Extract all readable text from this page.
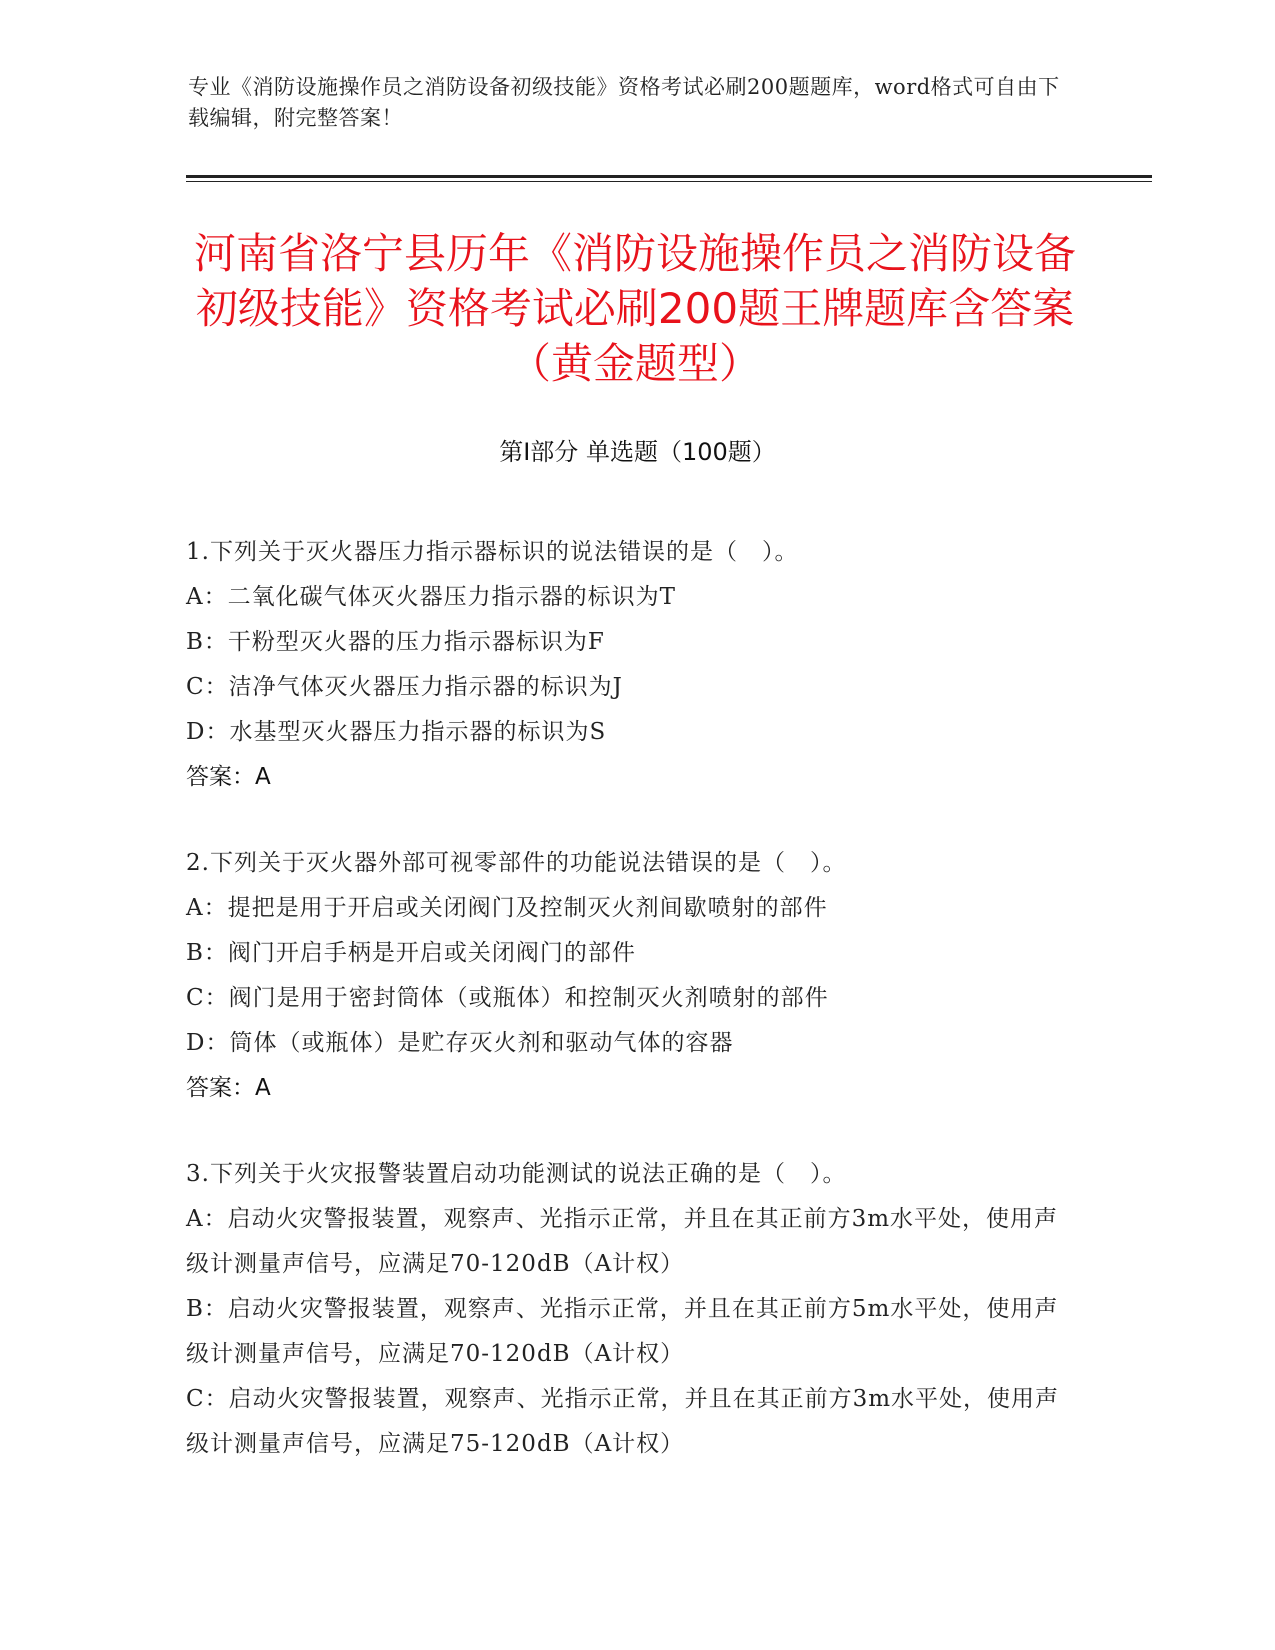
专业《消防设施操作员之消防设备初级技能》资格考试必刷200题题库，word格式可自由下载编辑，附完整答案！
河南省洛宁县历年《消防设施操作员之消防设备初级技能》资格考试必刷200题王牌题库含答案（黄金题型）
第I部分 单选题（100题）
1.下列关于灭火器压力指示器标识的说法错误的是（　）。
A：二氧化碳气体灭火器压力指示器的标识为T
B：干粉型灭火器的压力指示器标识为F
C：洁净气体灭火器压力指示器的标识为J
D：水基型灭火器压力指示器的标识为S
答案：A
2.下列关于灭火器外部可视零部件的功能说法错误的是（　）。
A：提把是用于开启或关闭阀门及控制灭火剂间歇喷射的部件
B：阀门开启手柄是开启或关闭阀门的部件
C：阀门是用于密封筒体（或瓶体）和控制灭火剂喷射的部件
D：筒体（或瓶体）是贮存灭火剂和驱动气体的容器
答案：A
3.下列关于火灾报警装置启动功能测试的说法正确的是（　）。
A：启动火灾警报装置，观察声、光指示正常，并且在其正前方3m水平处，使用声级计测量声信号，应满足70-120dB（A计权）
B：启动火灾警报装置，观察声、光指示正常，并且在其正前方5m水平处，使用声级计测量声信号，应满足70-120dB（A计权）
C：启动火灾警报装置，观察声、光指示正常，并且在其正前方3m水平处，使用声级计测量声信号，应满足75-120dB（A计权）
